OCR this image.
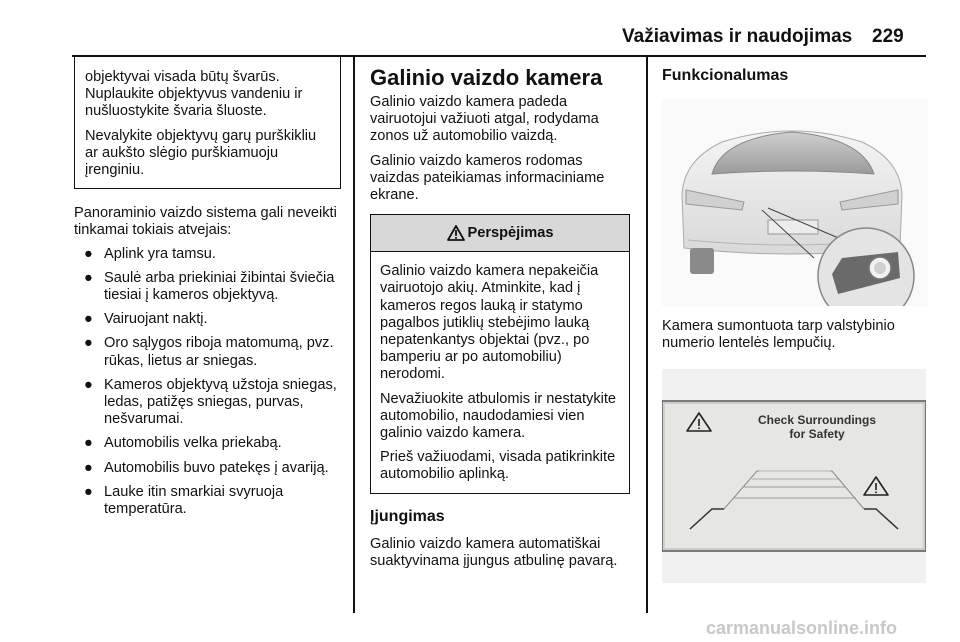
Važiavimas ir naudojimas 229

objektyvai visada būtų švarūs. Nuplaukite objektyvus vandeniu ir nušluostykite švaria šluoste.

Nevalykite objektyvų garų purškikliu ar aukšto slėgio purškiamuoju įrenginiu.

Panoraminio vaizdo sistema gali neveikti tinkamai tokiais atvejais:

● Aplink yra tamsu.
● Saulė arba priekiniai žibintai šviečia tiesiai į kameros objektyvą.
● Vairuojant naktį.
● Oro sąlygos riboja matomumą, pvz. rūkas, lietus ar sniegas.
● Kameros objektyvą užstoja sniegas, ledas, patižęs sniegas, purvas, nešvarumai.
● Automobilis velka priekabą.
● Automobilis buvo patekęs į avariją.
● Lauke itin smarkiai svyruoja temperatūra.
Galinio vaizdo kamera

Galinio vaizdo kamera padeda vairuotojui važiuoti atgal, rodydama zonos už automobilio vaizdą.

Galinio vaizdo kameros rodomas vaizdas pateikiamas informaciniame ekrane.

Perspėjimas

Galinio vaizdo kamera nepakeičia vairuotojo akių. Atminkite, kad į kameros regos lauką ir statymo pagalbos jutiklių stebėjimo lauką nepatenkantys objektai (pvz., po bamperiu ar po automobiliu) nerodomi.

Nevažiuokite atbulomis ir nestatykite automobilio, naudodamiesi vien galinio vaizdo kamera.

Prieš važiuodami, visada patikrinkite automobilio aplinką.

Įjungimas

Galinio vaizdo kamera automatiškai suaktyvinama įjungus atbulinę pavarą.

Funkcionalumas

Kamera sumontuota tarp valstybinio numerio lentelės lempučių.

Check Surroundings
for Safety
carmanualsonline.info
